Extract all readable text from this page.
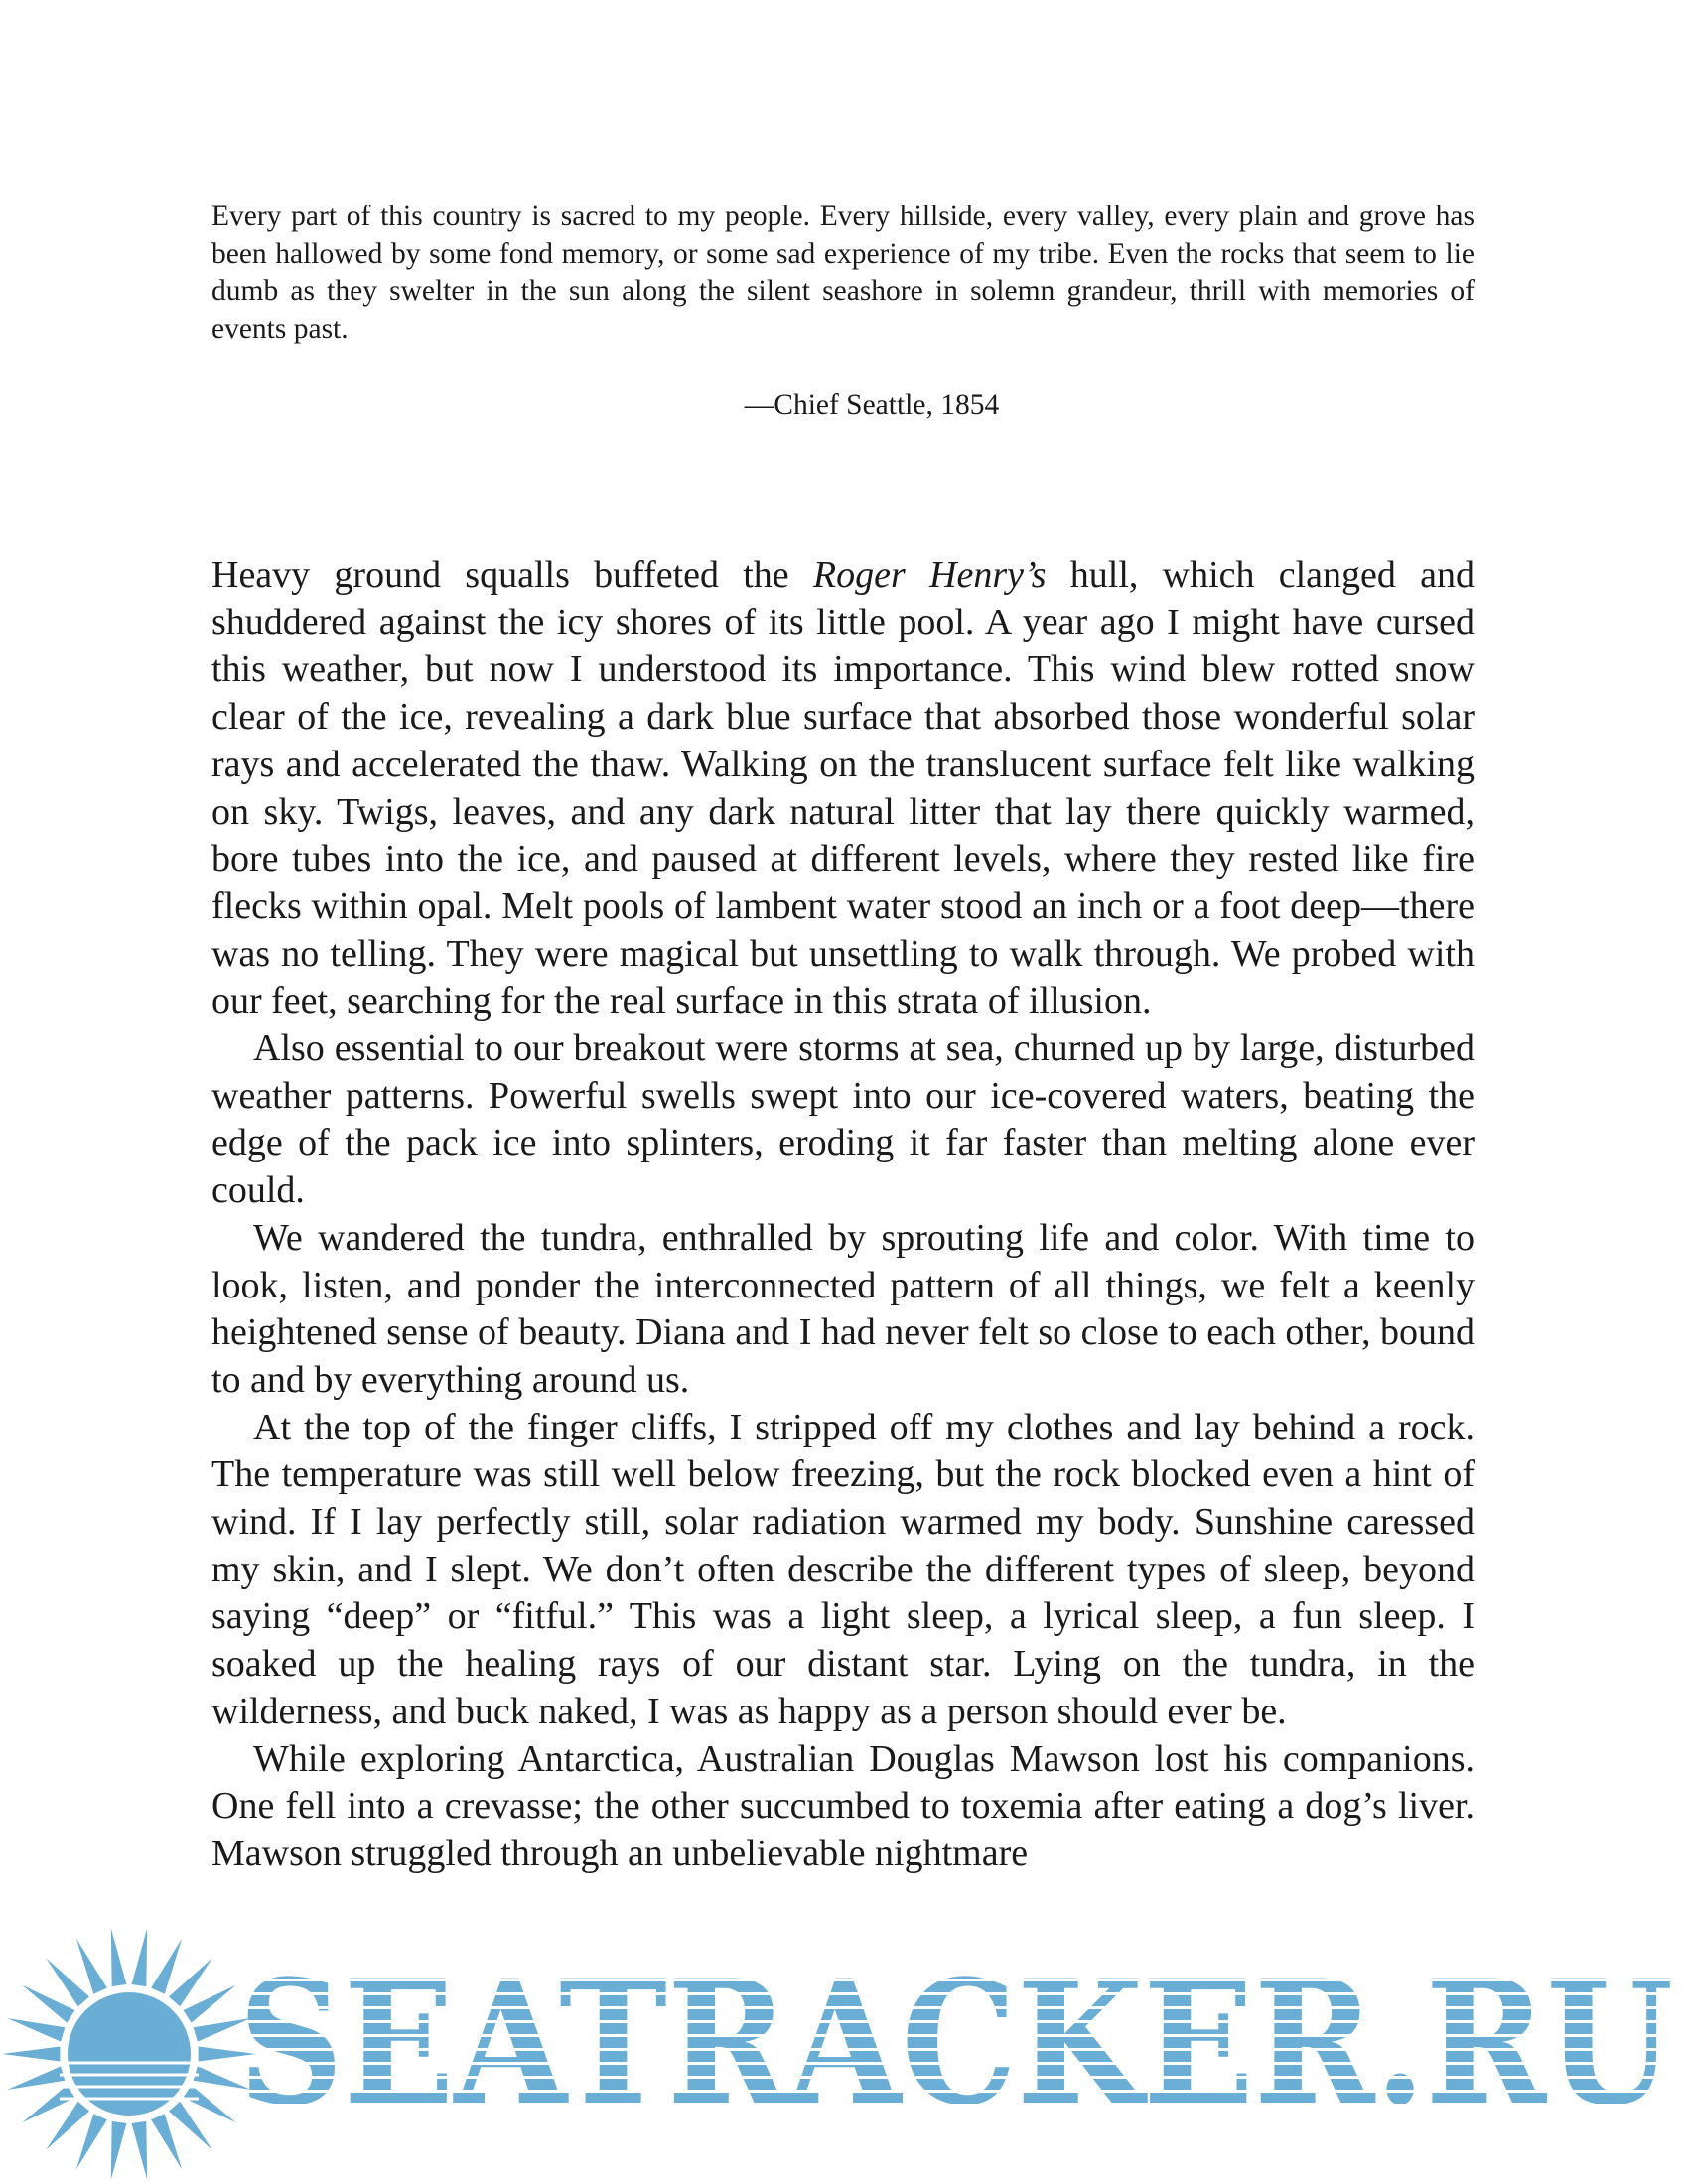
Every part of this country is sacred to my people. Every hillside, every valley, every plain and grove has been hallowed by some fond memory, or some sad experience of my tribe. Even the rocks that seem to lie dumb as they swelter in the sun along the silent seashore in solemn grandeur, thrill with memories of events past.
—Chief Seattle, 1854

Heavy ground squalls buffeted the Roger Henry’s hull, which clanged and shuddered against the icy shores of its little pool. A year ago I might have cursed this weather, but now I understood its importance. This wind blew rotted snow clear of the ice, revealing a dark blue surface that absorbed those wonderful solar rays and accelerated the thaw. Walking on the translucent surface felt like walking on sky. Twigs, leaves, and any dark natural litter that lay there quickly warmed, bore tubes into the ice, and paused at different levels, where they rested like fire flecks within opal. Melt pools of lambent water stood an inch or a foot deep—there was no telling. They were magical but unsettling to walk through. We probed with our feet, searching for the real surface in this strata of illusion.

Also essential to our breakout were storms at sea, churned up by large, disturbed weather patterns. Powerful swells swept into our ice-covered waters, beating the edge of the pack ice into splinters, eroding it far faster than melting alone ever could.

We wandered the tundra, enthralled by sprouting life and color. With time to look, listen, and ponder the interconnected pattern of all things, we felt a keenly heightened sense of beauty. Diana and I had never felt so close to each other, bound to and by everything around us.

At the top of the finger cliffs, I stripped off my clothes and lay behind a rock. The temperature was still well below freezing, but the rock blocked even a hint of wind. If I lay perfectly still, solar radiation warmed my body. Sunshine caressed my skin, and I slept. We don’t often describe the different types of sleep, beyond saying “deep” or “fitful.” This was a light sleep, a lyrical sleep, a fun sleep. I soaked up the healing rays of our distant star. Lying on the tundra, in the wilderness, and buck naked, I was as happy as a person should ever be.

While exploring Antarctica, Australian Douglas Mawson lost his companions. One fell into a crevasse; the other succumbed to toxemia after eating a dog’s liver. Mawson struggled through an unbelievable nightmare

SEATRACKER.RU
